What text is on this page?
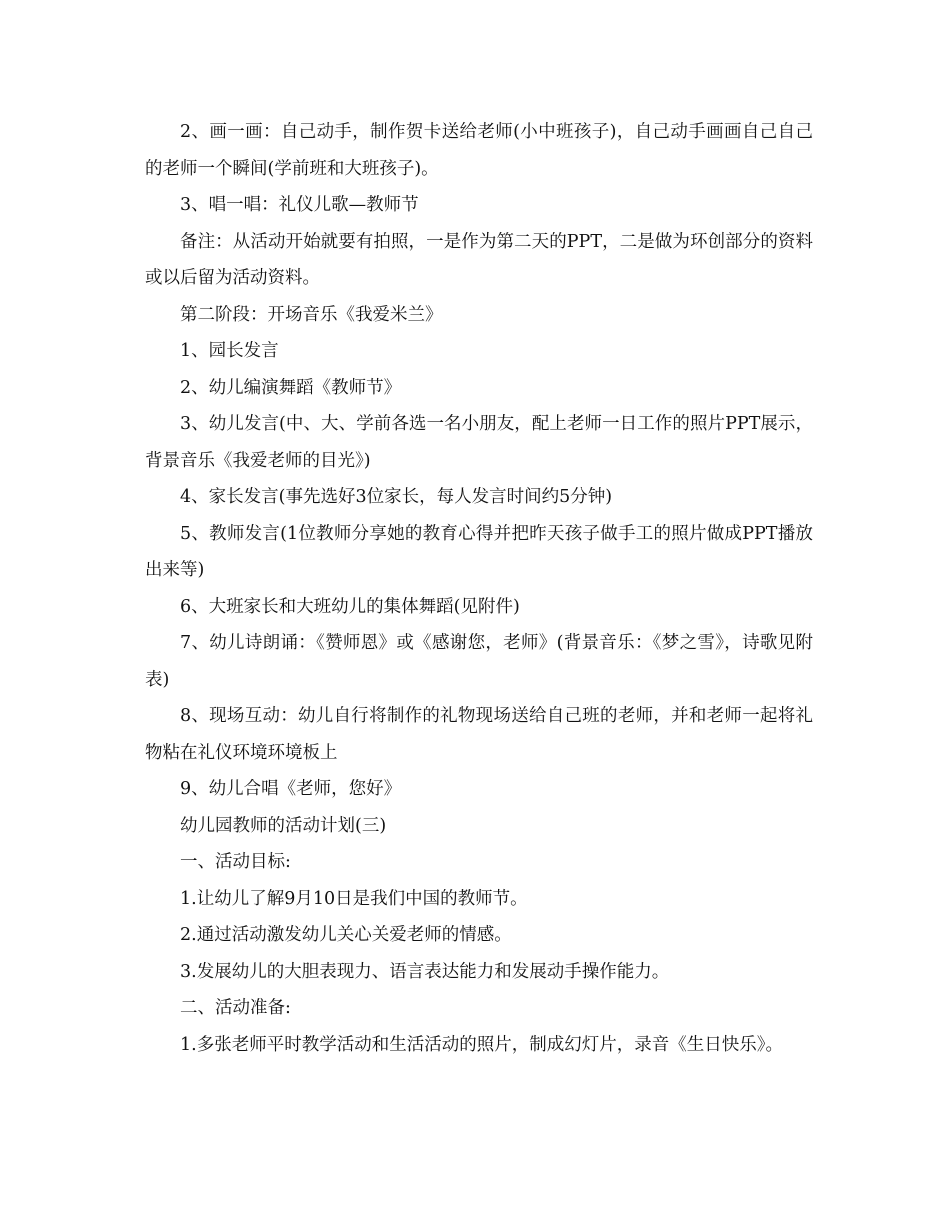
2、画一画：自己动手，制作贺卡送给老师(小中班孩子)，自己动手画画自己自己的老师一个瞬间(学前班和大班孩子)。

3、唱一唱：礼仪儿歌—教师节

备注：从活动开始就要有拍照，一是作为第二天的PPT，二是做为环创部分的资料或以后留为活动资料。

第二阶段：开场音乐《我爱米兰》

1、园长发言

2、幼儿编演舞蹈《教师节》

3、幼儿发言(中、大、学前各选一名小朋友，配上老师一日工作的照片PPT展示，背景音乐《我爱老师的目光》)

4、家长发言(事先选好3位家长，每人发言时间约5分钟)

5、教师发言(1位教师分享她的教育心得并把昨天孩子做手工的照片做成PPT播放出来等)

6、大班家长和大班幼儿的集体舞蹈(见附件)

7、幼儿诗朗诵：《赞师恩》或《感谢您，老师》(背景音乐：《梦之雪》，诗歌见附表)

8、现场互动：幼儿自行将制作的礼物现场送给自己班的老师，并和老师一起将礼物粘在礼仪环境环境板上

9、幼儿合唱《老师，您好》

幼儿园教师的活动计划(三)

一、活动目标:

1.让幼儿了解9月10日是我们中国的教师节。

2.通过活动激发幼儿关心关爱老师的情感。

3.发展幼儿的大胆表现力、语言表达能力和发展动手操作能力。

二、活动准备:

1.多张老师平时教学活动和生活活动的照片，制成幻灯片，录音《生日快乐》。
